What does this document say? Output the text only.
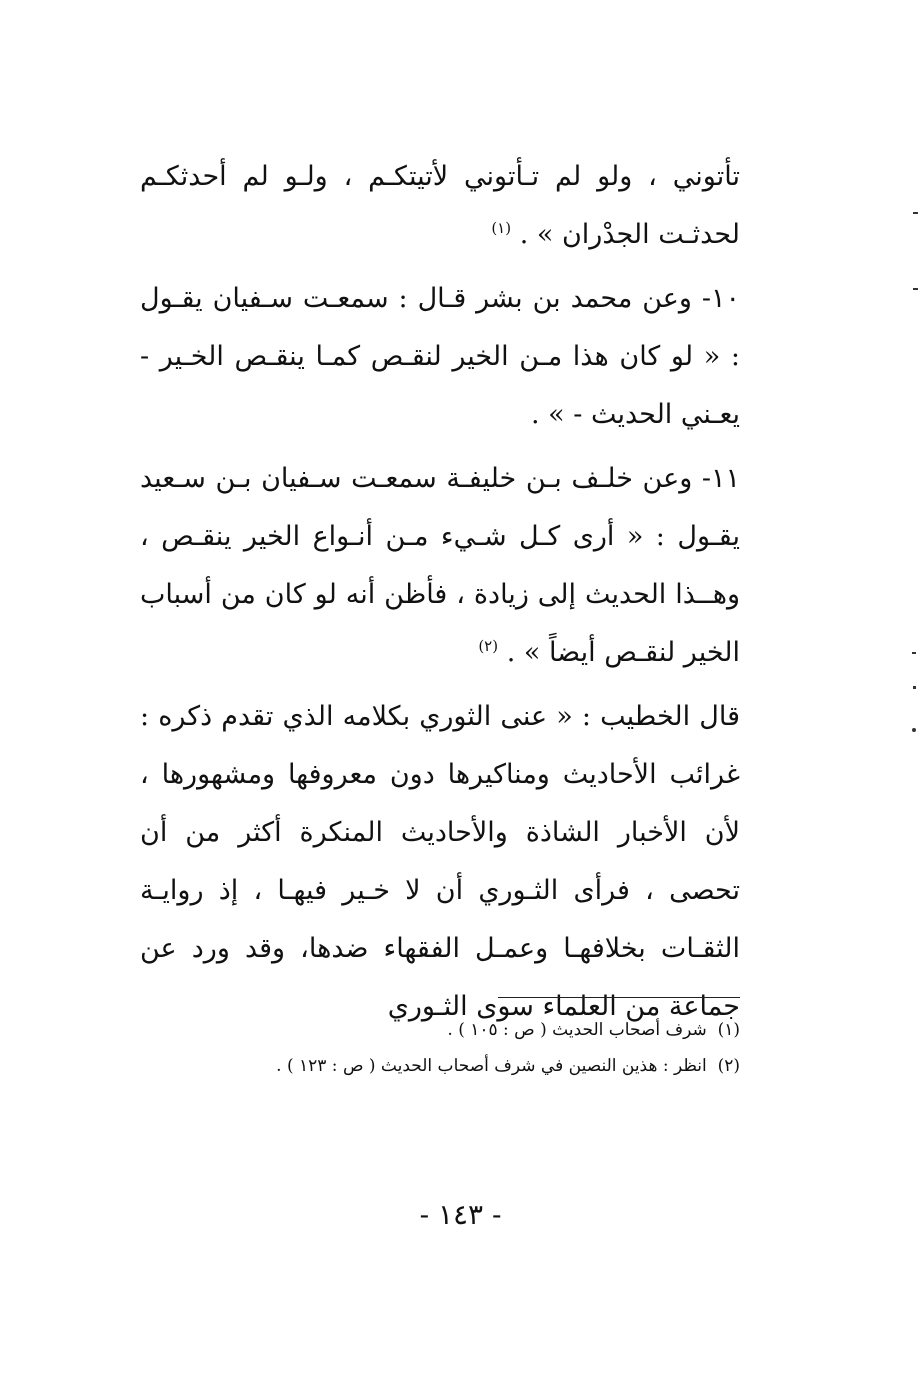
تأتوني ، ولو لم تـأتوني لأتيتكـم ، ولـو لم أحدثكـم لحدثـت الجدْران » . $^{(١)}$

١٠- وعن محمد بن بشر قـال : سمعـت سـفيان يقـول : « لو كان هذا مـن الخير لنقـص كمـا ينقـص الخـير - يعـني الحديث - » .

١١- وعن خلـف بـن خليفـة سمعـت سـفيان بـن سـعيد يقـول : « أرى كـل شـيء مـن أنـواع الخير ينقـص ، وهــذا الحديث إلى زيادة ، فأظن أنه لو كان من أسباب الخير لنقـص أيضاً » . $^{(٢)}$

قال الخطيب : « عنى الثوري بكلامه الذي تقدم ذكره : غرائب الأحاديث ومناكيرها دون معروفها ومشهورها ، لأن الأخبار الشاذة والأحاديث المنكرة أكثر من أن تحصى ، فرأى الثـوري أن لا خـير فيهـا ، إذ روايـة الثقـات بخلافهـا وعمـل الفقهاء ضدها، وقد ورد عن جماعة من العلماء سوى الثـوري

(١)  شرف أصحاب الحديث ( ص : ١٠٥ ) .
(٢)  انظر : هذين النصين في شرف أصحاب الحديث ( ص : ١٢٣ ) .
- ١٤٣ -
